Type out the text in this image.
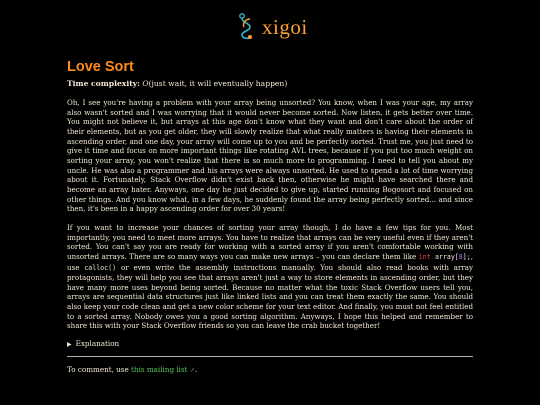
xigoi
Love Sort
Time complexity: O(just wait, it will eventually happen)

Oh, I see you're having a problem with your array being unsorted? You know, when I was your age, my array also wasn't sorted and I was worrying that it would never become sorted. Now listen, it gets better over time. You might not believe it, but arrays at this age don't know what they want and don't care about the order of their elements, but as you get older, they will slowly realize that what really matters is having their elements in ascending order, and one day, your array will come up to you and be perfectly sorted. Trust me, you just need to give it time and focus on more important things like rotating AVL trees, because if you put too much weight on sorting your array, you won't realize that there is so much more to programming. I need to tell you about my uncle. He was also a programmer and his arrays were always unsorted. He used to spend a lot of time worrying about it. Fortunately, Stack Overflow didn't exist back then, otherwise he might have searched there and become an array hater. Anyways, one day he just decided to give up, started running Bogosort and focused on other things. And you know what, in a few days, he suddenly found the array being perfectly sorted... and since then, it's been in a happy ascending order for over 30 years!

If you want to increase your chances of sorting your array though, I do have a few tips for you. Most importantly, you need to meet more arrays. You have to realize that arrays can be very useful even if they aren't sorted. You can't say you are ready for working with a sorted array if you aren't comfortable working with unsorted arrays. There are so many ways you can make new arrays – you can declare them like int array[8];, use calloc() or even write the assembly instructions manually. You should also read books with array protagonists, they will help you see that arrays aren't just a way to store elements in ascending order, but they have many more uses beyond being sorted. Because no matter what the toxic Stack Overflow users tell you, arrays are sequential data structures just like linked lists and you can treat them exactly the same. You should also keep your code clean and get a new color scheme for your text editor. And finally, you must not feel entitled to a sorted array. Nobody owes you a good sorting algorithm. Anyways, I hope this helped and remember to share this with your Stack Overflow friends so you can leave the crab bucket together!

▶ Explanation
To comment, use this mailing list ↗.
